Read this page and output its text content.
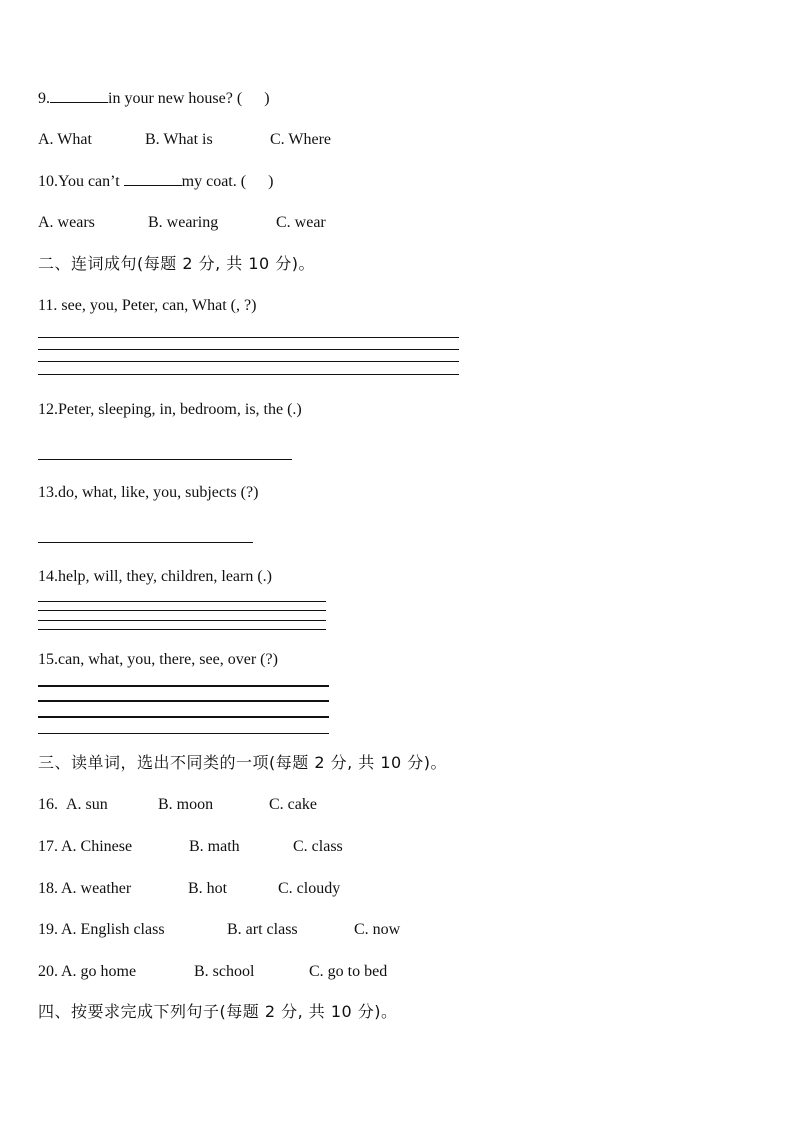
9.	in your new house? ( )
A. What	B. What is	C. Where
10.You can’t	my coat. ( )
A. wears	B. wearing	C. wear
二、连词成句(每题 2 分, 共 10 分)。
11. see, you, Peter, can, What (, ?)
12.Peter, sleeping, in, bedroom, is, the (.)
13.do, what, like, you, subjects (?)
14.help, will, they, children, learn (.)
15.can, what, you, there, see, over (?)
三、读单词，选出不同类的一项(每题 2 分, 共 10 分)。
16. A. sun	B. moon	C. cake
17. A. Chinese	B. math	C. class
18. A. weather	B. hot	C. cloudy
19. A. English class	B. art class	C. now
20. A. go home	B. school	C. go to bed
四、按要求完成下列句子(每题 2 分, 共 10 分)。
